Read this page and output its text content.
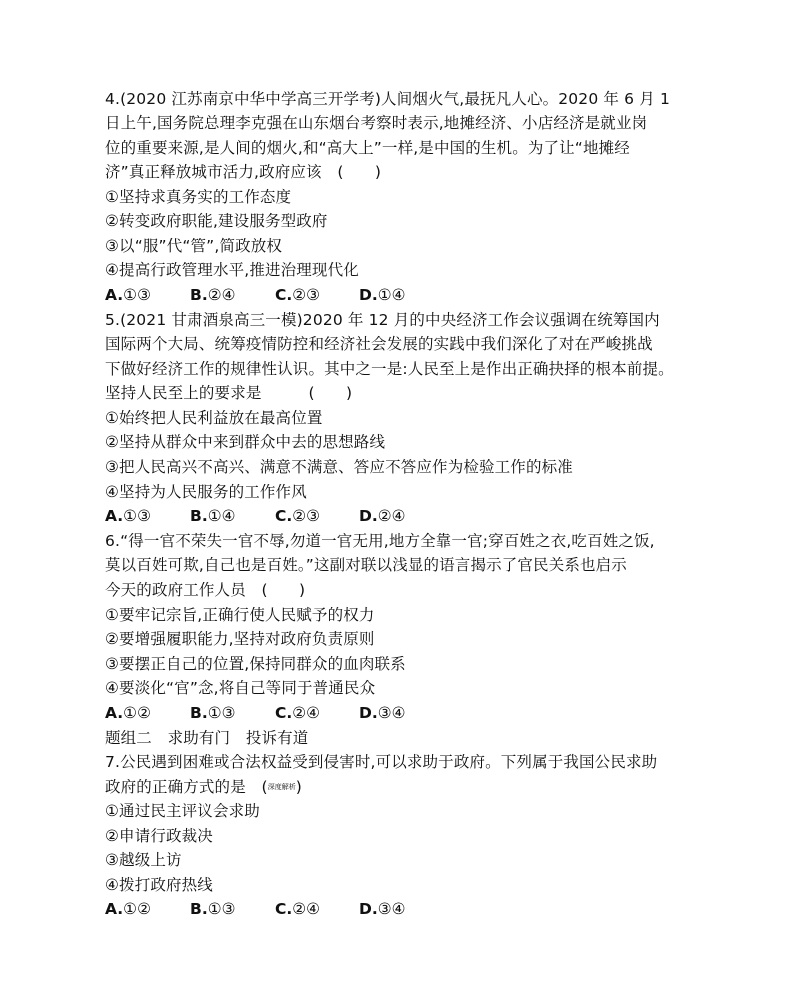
4.(2020 江苏南京中华中学高三开学考)人间烟火气,最抚凡人心。2020 年 6 月 1
日上午,国务院总理李克强在山东烟台考察时表示,地摊经济、小店经济是就业岗
位的重要来源,是人间的烟火,和“高大上”一样,是中国的生机。为了让“地摊经
济”真正释放城市活力,政府应该　(　　)
①坚持求真务实的工作态度
②转变政府职能,建设服务型政府
③以“服”代“管”,简政放权
④提高行政管理水平,推进治理现代化
A.①③	B.②④	C.②③	D.①④
5.(2021 甘肃酒泉高三一模)2020 年 12 月的中央经济工作会议强调在统筹国内
国际两个大局、统筹疫情防控和经济社会发展的实践中我们深化了对在严峻挑战
下做好经济工作的规律性认识。其中之一是:人民至上是作出正确抉择的根本前提。
坚持人民至上的要求是　　　(　　)
①始终把人民利益放在最高位置
②坚持从群众中来到群众中去的思想路线
③把人民高兴不高兴、满意不满意、答应不答应作为检验工作的标准
④坚持为人民服务的工作作风
A.①③	B.①④	C.②③	D.②④
6.“得一官不荣失一官不辱,勿道一官无用,地方全靠一官;穿百姓之衣,吃百姓之饭,
莫以百姓可欺,自己也是百姓。”这副对联以浅显的语言揭示了官民关系也启示
今天的政府工作人员　(　　)
①要牢记宗旨,正确行使人民赋予的权力
②要增强履职能力,坚持对政府负责原则
③要摆正自己的位置,保持同群众的血肉联系
④要淡化“官”念,将自己等同于普通民众
A.①②	B.①③	C.②④	D.③④
题组二　求助有门　投诉有道
7.公民遇到困难或合法权益受到侵害时,可以求助于政府。下列属于我国公民求助
政府的正确方式的是　(深度解析)
①通过民主评议会求助
②申请行政裁决
③越级上访
④拨打政府热线
A.①②	B.①③	C.②④	D.③④
